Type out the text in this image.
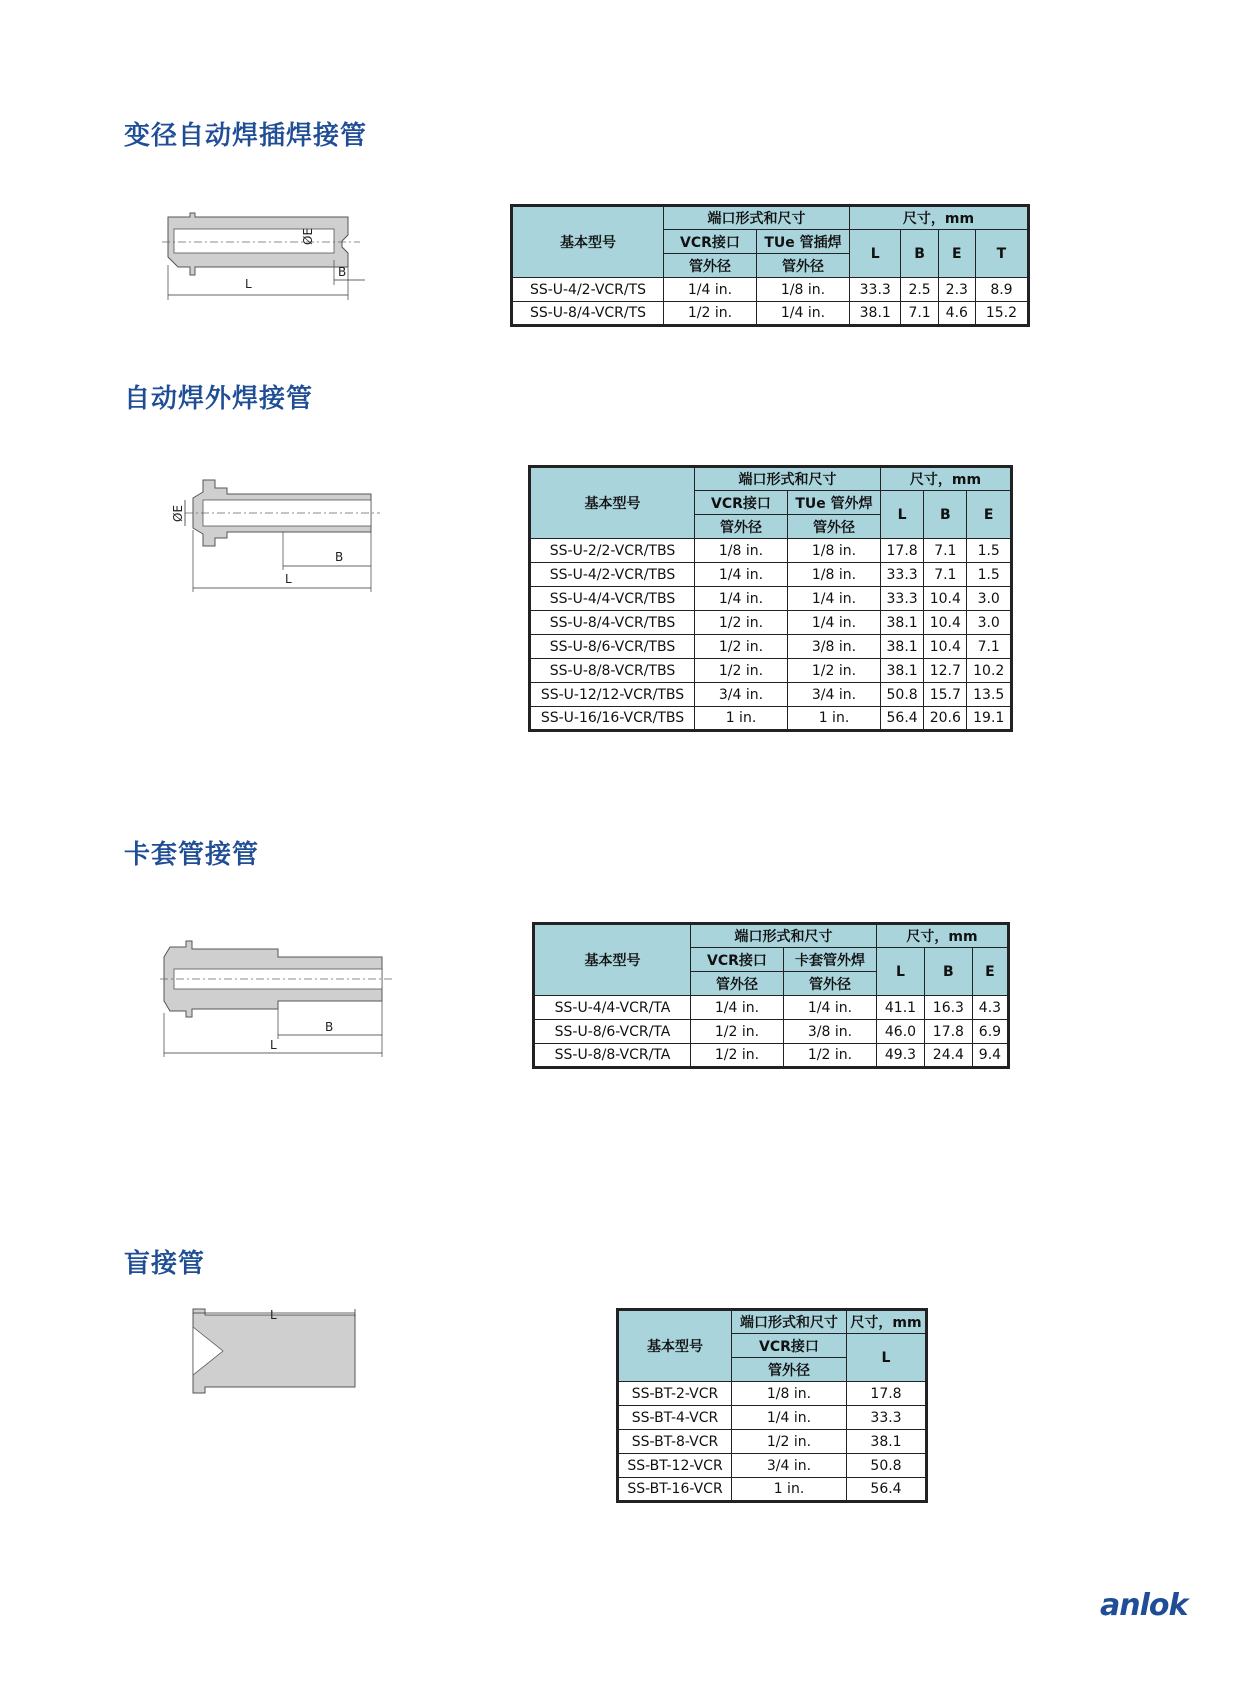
变径自动焊插焊接管
L
B
ØE	基本型号	端口形式和尺寸		尺寸，mm			
	VCR接口	TUe 管插焊	L	B	E	T
	管外径	管外径				
SS-U-4/2-VCR/TS	1/4 in.	1/8 in.	33.3	2.5	2.3	8.9
SS-U-8/4-VCR/TS	1/2 in.	1/4 in.	38.1	7.1	4.6	15.2
自动焊外焊接管
B
L
ØE
基本型号	端口形式和尺寸		尺寸，mm		
	VCR接口	TUe 管外焊	L	B	E
	管外径	管外径			
SS-U-2/2-VCR/TBS	1/8 in.	1/8 in.	17.8	7.1	1.5
SS-U-4/2-VCR/TBS	1/4 in.	1/8 in.	33.3	7.1	1.5
SS-U-4/4-VCR/TBS	1/4 in.	1/4 in.	33.3	10.4	3.0
SS-U-8/4-VCR/TBS	1/2 in.	1/4 in.	38.1	10.4	3.0
SS-U-8/6-VCR/TBS	1/2 in.	3/8 in.	38.1	10.4	7.1
SS-U-8/8-VCR/TBS	1/2 in.	1/2 in.	38.1	12.7	10.2
SS-U-12/12-VCR/TBS	3/4 in.	3/4 in.	50.8	15.7	13.5
SS-U-16/16-VCR/TBS	1 in.	1 in.	56.4	20.6	19.1
卡套管接管
B
L
基本型号	端口形式和尺寸		尺寸，mm		
	VCR接口	卡套管外焊	L	B	E
	管外径	管外径			
SS-U-4/4-VCR/TA	1/4 in.	1/4 in.	41.1	16.3	4.3
SS-U-8/6-VCR/TA	1/2 in.	3/8 in.	46.0	17.8	6.9
SS-U-8/8-VCR/TA	1/2 in.	1/2 in.	49.3	24.4	9.4
盲接管
L
基本型号	端口形式和尺寸	尺寸，mm
	VCR接口	L
	管外径	
SS-BT-2-VCR	1/8 in.	17.8
SS-BT-4-VCR	1/4 in.	33.3
SS-BT-8-VCR	1/2 in.	38.1
SS-BT-12-VCR	3/4 in.	50.8
SS-BT-16-VCR	1 in.	56.4
anlok
